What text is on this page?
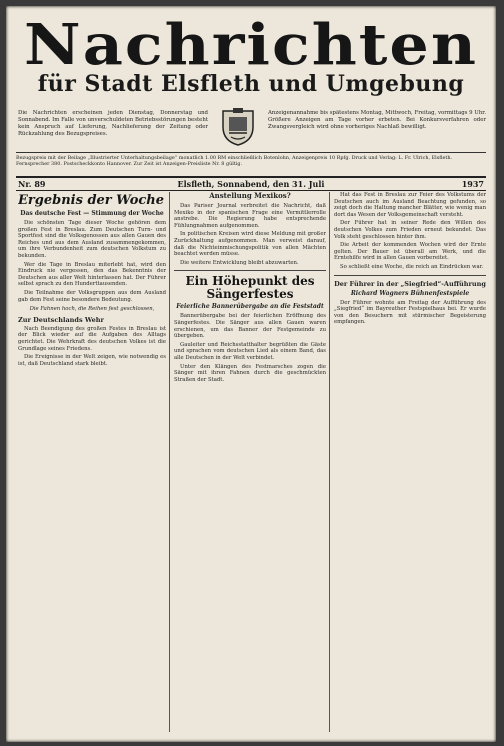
Nachrichten
für Stadt Elsfleth und Umgebung
Die Nachrichten erscheinen jeden Dienstag, Donnerstag und Sonnabend. Im Falle von unverschuldeten Betriebsstörungen besteht kein Anspruch auf Lieferung, Nachlieferung der Zeitung oder Rückzahlung des Bezugspreises.
Anzeigenannahme bis spätestens Montag, Mittwoch, Freitag, vormittags 9 Uhr. Größere Anzeigen am Tage vorher erbeten. Bei Konkursverfahren oder Zwangsvergleich wird ohne vorheriges Nachlaß bewilligt.
Bezugspreis mit der Beilage „Illustrierter Unterhaltungsbeilage“ monatlich 1.00 RM einschließlich Botenlohn, Anzeigenpreis 10 Rpfg. Druck und Verlag: L. Fr. Ulrich, Elsfleth. Fernsprecher 380. Postscheckkonto Hannover. Zur Zeit ist Anzeigen-Preisliste Nr. 8 gültig.
Nr. 89	Elsfleth, Sonnabend, den 31. Juli	1937
Ergebnis der Woche
Das deutsche Fest — Stimmung der Woche

Die schönsten Tage dieser Woche gehören dem großen Fest in Breslau. Zum Deutschen Turn- und Sportfest sind die Volksgenossen aus allen Gauen des Reiches und aus dem Ausland zusammengekommen, um ihre Verbundenheit zum deutschen Volkstum zu bekunden.

Wer die Tage in Breslau miterlebt hat, wird den Eindruck nie vergessen, den das Bekenntnis der Deutschen aus aller Welt hinterlassen hat. Der Führer selbst sprach zu den Hunderttausenden.

Die Teilnahme der Volksgruppen aus dem Ausland gab dem Fest seine besondere Bedeutung.

Die Fahnen hoch, die Reihen fest geschlossen,
Zur Deutschlands Wehr

Nach Beendigung des großen Festes in Breslau ist der Blick wieder auf die Aufgaben des Alltags gerichtet. Die Wehrkraft des deutschen Volkes ist die Grundlage seines Friedens.

Die Ereignisse in der Welt zeigen, wie notwendig es ist, daß Deutschland stark bleibt.

Anstellung Mexikos?

Das Pariser Journal verbreitet die Nachricht, daß Mexiko in der spanischen Frage eine Vermittlerrolle anstrebe. Die Regierung habe entsprechende Fühlungnahmen aufgenommen.

In politischen Kreisen wird diese Meldung mit großer Zurückhaltung aufgenommen. Man verweist darauf, daß die Nichteinmischungspolitik von allen Mächten beachtet werden müsse.

Die weitere Entwicklung bleibt abzuwarten.

Ein Höhepunkt des Sängerfestes
Feierliche Bannerübergabe an die Feststadt

Bannerübergabe bei der feierlichen Eröffnung des Sängerfestes. Die Sänger aus allen Gauen waren erschienen, um das Banner der Festgemeinde zu übergeben.

Gauleiter und Reichsstatthalter begrüßten die Gäste und sprachen vom deutschen Lied als einem Band, das alle Deutschen in der Welt verbindet.

Unter den Klängen des Festmarsches zogen die Sänger mit ihren Fahnen durch die geschmückten Straßen der Stadt.

Hat das Fest in Breslau zur Feier des Volkstums der Deutschen auch im Ausland Beachtung gefunden, so zeigt doch die Haltung mancher Blätter, wie wenig man dort das Wesen der Volksgemeinschaft versteht.

Der Führer hat in seiner Rede den Willen des deutschen Volkes zum Frieden erneut bekundet. Das Volk steht geschlossen hinter ihm.

Die Arbeit der kommenden Wochen wird der Ernte gelten. Der Bauer ist überall am Werk, und die Erntehilfe wird in allen Gauen vorbereitet.

So schließt eine Woche, die reich an Eindrücken war.

Der Führer in der „Siegfried“-Aufführung
Richard Wagners Bühnenfestspiele

Der Führer wohnte am Freitag der Aufführung des „Siegfried“ im Bayreuther Festspielhaus bei. Er wurde von den Besuchern mit stürmischer Begeisterung empfangen.
